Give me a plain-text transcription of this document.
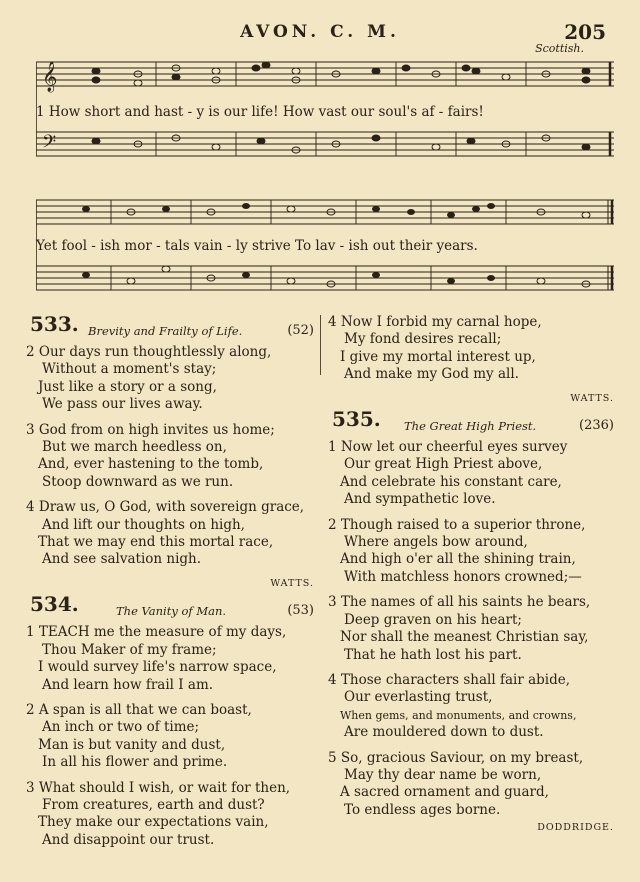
AVON. C. M.	205
Scottish.
𝄞
𝄢
1 How short and hast - y is our life! How vast our soul's af - fairs!
Yet fool - ish mor - tals vain - ly strive To lav - ish out their years.
533. Brevity and Frailty of Life.	(52)
2 Our days run thoughtlessly along,
Without a moment's stay;
Just like a story or a song,
We pass our lives away.
3 God from on high invites us home;
But we march heedless on,
And, ever hastening to the tomb,
Stoop downward as we run.
4 Draw us, O God, with sovereign grace,
And lift our thoughts on high,
That we may end this mortal race,
And see salvation nigh.
WATTS.
534.	The Vanity of Man.	(53)
1 TEACH me the measure of my days,
Thou Maker of my frame;
I would survey life's narrow space,
And learn how frail I am.
2 A span is all that we can boast,
An inch or two of time;
Man is but vanity and dust,
In all his flower and prime.
3 What should I wish, or wait for then,
From creatures, earth and dust?
They make our expectations vain,
And disappoint our trust.
4 Now I forbid my carnal hope,
My fond desires recall;
I give my mortal interest up,
And make my God my all.
WATTS.
535. The Great High Priest.	(236)
1 Now let our cheerful eyes survey
Our great High Priest above,
And celebrate his constant care,
And sympathetic love.
2 Though raised to a superior throne,
Where angels bow around,
And high o'er all the shining train,
With matchless honors crowned;—
3 The names of all his saints he bears,
Deep graven on his heart;
Nor shall the meanest Christian say,
That he hath lost his part.
4 Those characters shall fair abide,
Our everlasting trust,
When gems, and monuments, and crowns,
Are mouldered down to dust.
5 So, gracious Saviour, on my breast,
May thy dear name be worn,
A sacred ornament and guard,
To endless ages borne.
DODDRIDGE.
